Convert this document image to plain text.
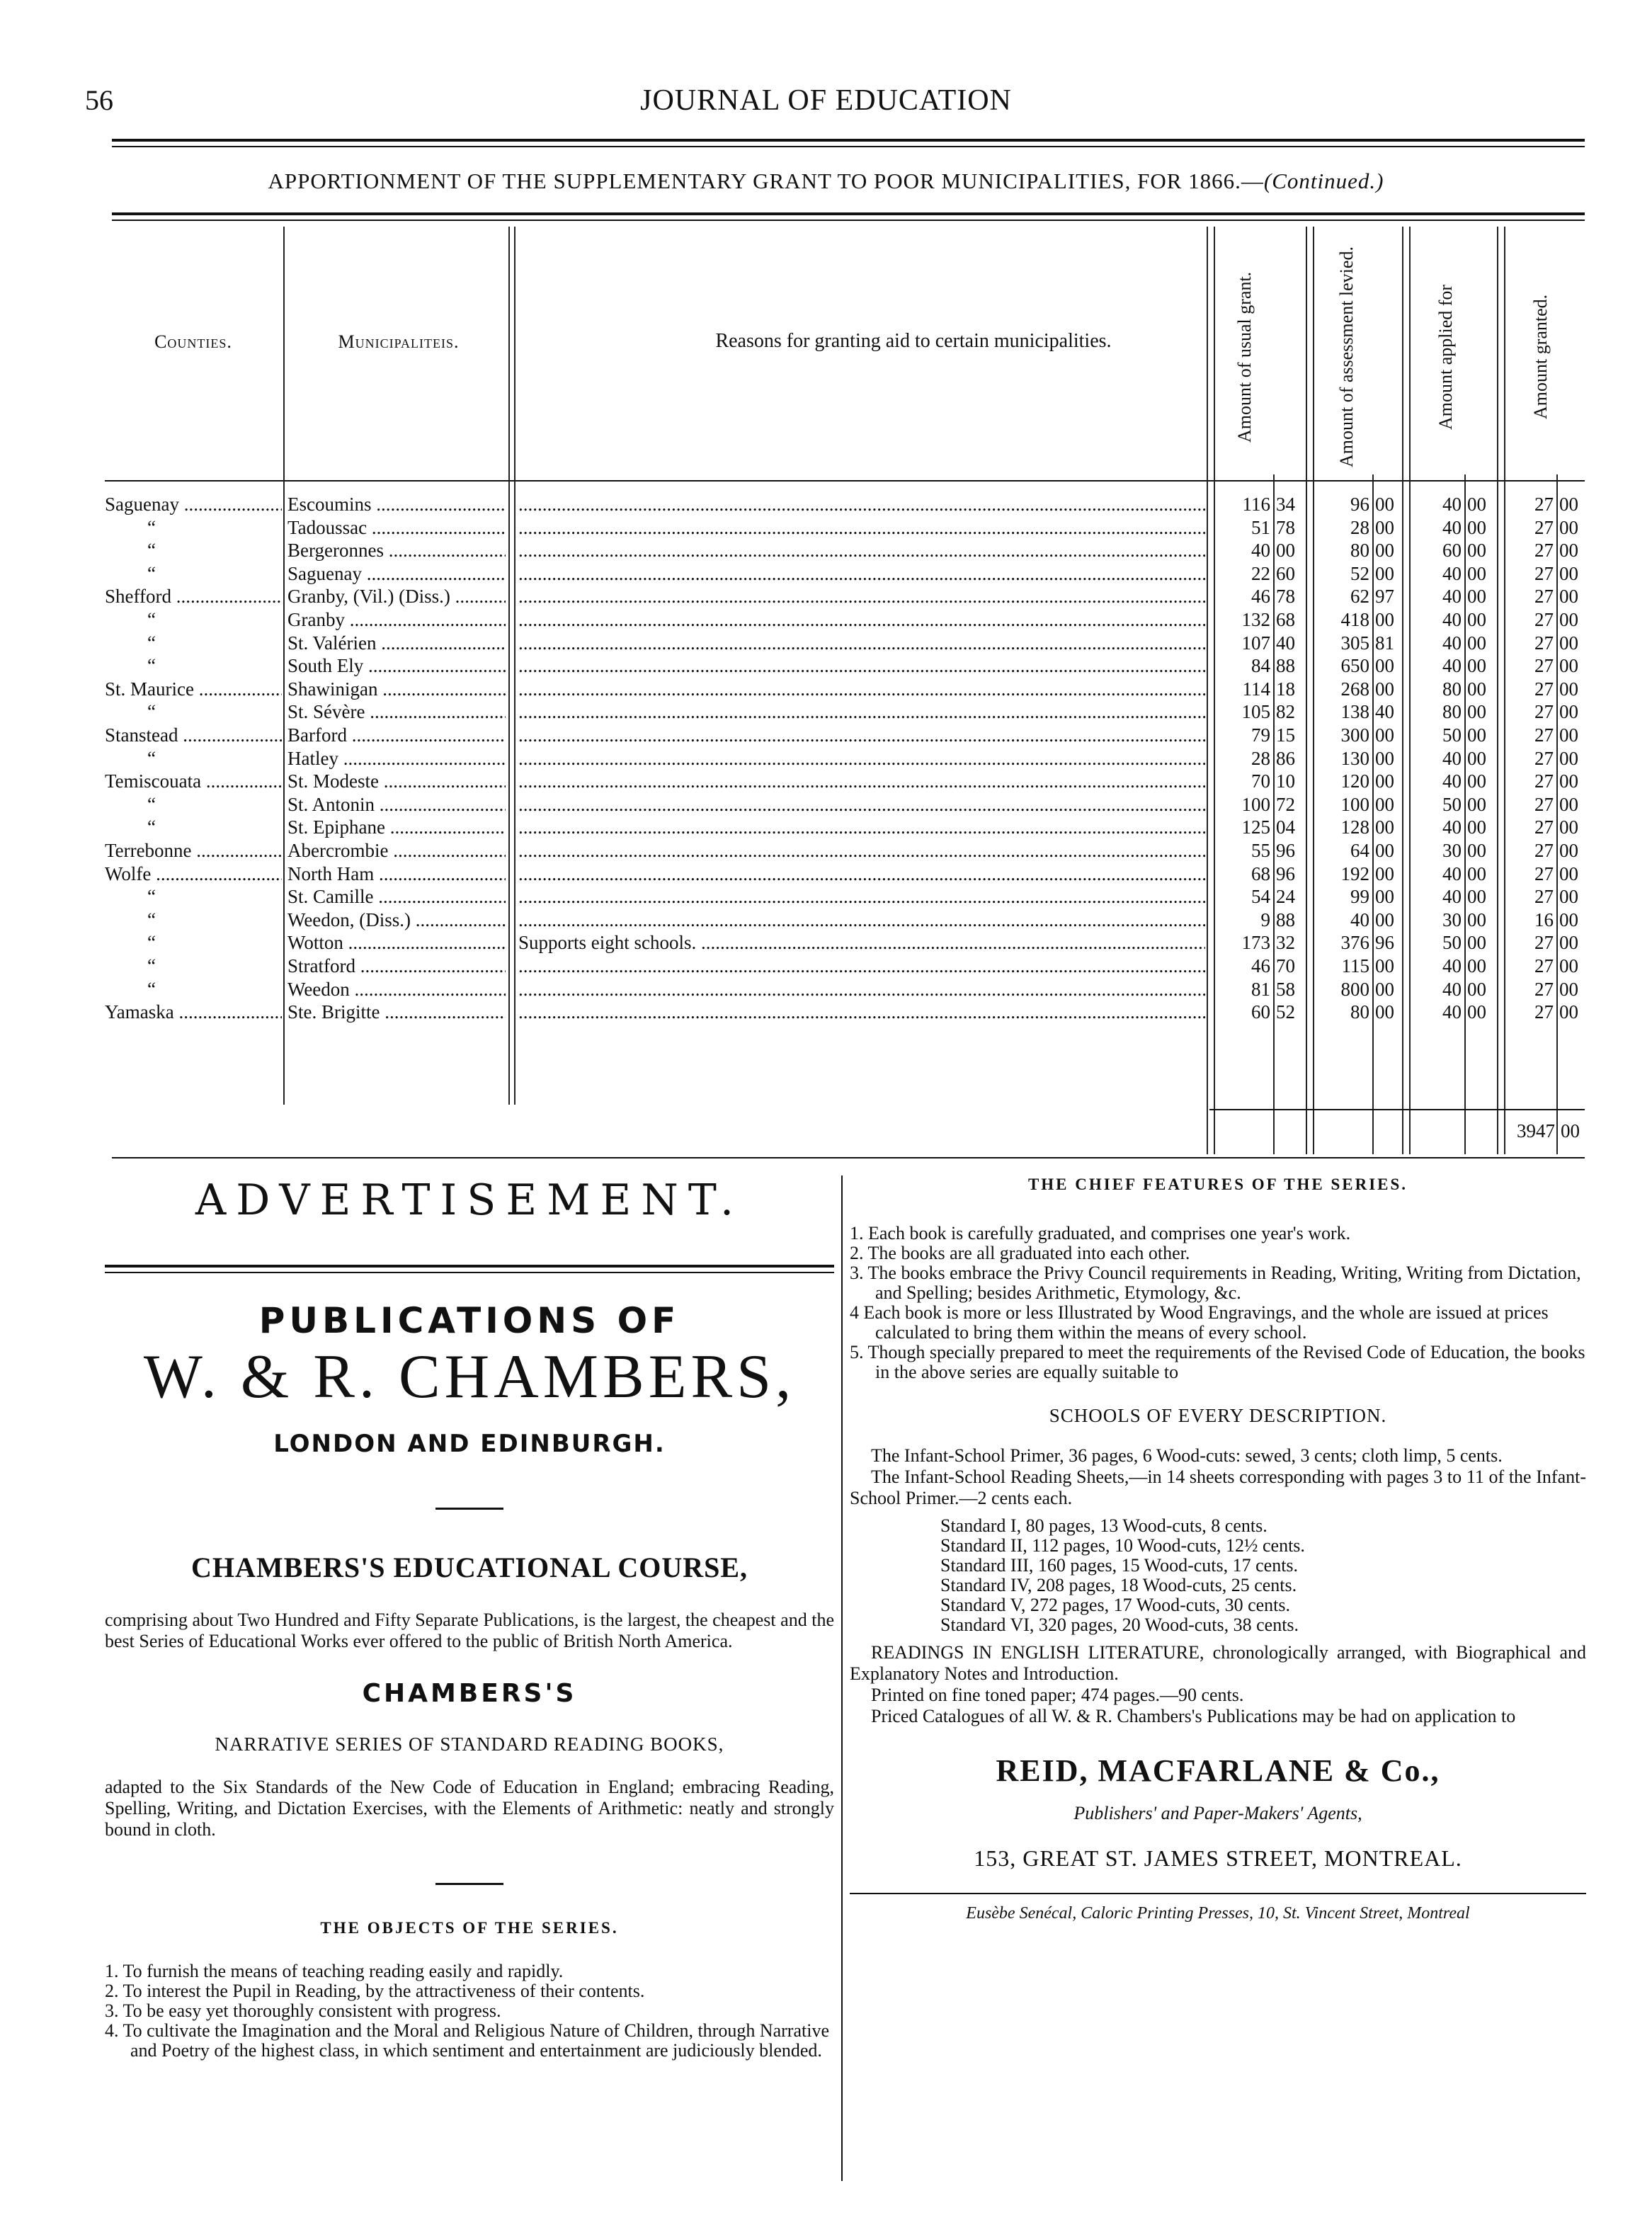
56	JOURNAL OF EDUCATION
APPORTIONMENT OF THE SUPPLEMENTARY GRANT TO POOR MUNICIPALITIES, FOR 1866.—(Continued.)
Counties.	Municipaliteis.	Reasons for granting aid to certain municipalities.	Amount of usual grant.	Amount of assessment levied.	Amount applied for	Amount granted.
Saguenay .....	Escoumins ..... .....	116 34	96 00	40 00	27 00
“	Tadoussac ..... .....	51 78	28 00	40 00	27 00
“	Bergeronnes ..... .....	40 00	80 00	60 00	27 00
“	Saguenay ..... .....	22 60	52 00	40 00	27 00
Shefford .....	Granby, (Vil.) (Diss.) ..... .....	46 78	62 97	40 00	27 00
“	Granby ..... .....	132 68	418 00	40 00	27 00
“	St. Valérien ..... .....	107 40	305 81	40 00	27 00
“	South Ely ..... .....	84 88	650 00	40 00	27 00
St. Maurice .....	Shawinigan ..... .....	114 18	268 00	80 00	27 00
“	St. Sévère ..... .....	105 82	138 40	80 00	27 00
Stanstead .....	Barford ..... .....	79 15	300 00	50 00	27 00
“	Hatley ..... .....	28 86	130 00	40 00	27 00
Temiscouata .....	St. Modeste ..... .....	70 10	120 00	40 00	27 00
“	St. Antonin ..... .....	100 72	100 00	50 00	27 00
“	St. Epiphane ..... .....	125 04	128 00	40 00	27 00
Terrebonne .....	Abercrombie ..... .....	55 96	64 00	30 00	27 00
Wolfe .....	North Ham ..... .....	68 96	192 00	40 00	27 00
“	St. Camille ..... .....	54 24	99 00	40 00	27 00
“	Weedon, (Diss.) ..... .....	9 88	40 00	30 00	16 00
“	Wotton .....	Supports eight schools. .....	173 32	376 96	50 00	27 00
“	Stratford ..... .....	46 70	115 00	40 00	27 00
“	Weedon ..... .....	81 58	800 00	40 00	27 00
Yamaska .....	Ste. Brigitte ..... .....	60 52	80 00	40 00	27 00
3947 00
ADVERTISEMENT.
PUBLICATIONS OF
W. & R. CHAMBERS,
LONDON AND EDINBURGH.
CHAMBERS'S EDUCATIONAL COURSE,
comprising about Two Hundred and Fifty Separate Publications, is the largest, the cheapest and the best Series of Educational Works ever offered to the public of British North America.
CHAMBERS'S
NARRATIVE SERIES OF STANDARD READING BOOKS,
adapted to the Six Standards of the New Code of Education in England; embracing Reading, Spelling, Writing, and Dictation Exercises, with the Elements of Arithmetic: neatly and strongly bound in cloth.
THE OBJECTS OF THE SERIES.
1. To furnish the means of teaching reading easily and rapidly.
2. To interest the Pupil in Reading, by the attractiveness of their contents.
3. To be easy yet thoroughly consistent with progress.
4. To cultivate the Imagination and the Moral and Religious Nature of Children, through Narrative and Poetry of the highest class, in which sentiment and entertainment are judiciously blended.
THE CHIEF FEATURES OF THE SERIES.
1. Each book is carefully graduated, and comprises one year's work.
2. The books are all graduated into each other.
3. The books embrace the Privy Council requirements in Reading, Writing, Writing from Dictation, and Spelling; besides Arithmetic, Etymology, &c.
4 Each book is more or less Illustrated by Wood Engravings, and the whole are issued at prices calculated to bring them within the means of every school.
5. Though specially prepared to meet the requirements of the Revised Code of Education, the books in the above series are equally suitable to
SCHOOLS OF EVERY DESCRIPTION.
The Infant-School Primer, 36 pages, 6 Wood-cuts: sewed, 3 cents; cloth limp, 5 cents.
The Infant-School Reading Sheets,—in 14 sheets corresponding with pages 3 to 11 of the Infant-School Primer.—2 cents each.
Standard I, 80 pages, 13 Wood-cuts, 8 cents.
Standard II, 112 pages, 10 Wood-cuts, 12½ cents.
Standard III, 160 pages, 15 Wood-cuts, 17 cents.
Standard IV, 208 pages, 18 Wood-cuts, 25 cents.
Standard V, 272 pages, 17 Wood-cuts, 30 cents.
Standard VI, 320 pages, 20 Wood-cuts, 38 cents.
READINGS IN ENGLISH LITERATURE, chronologically arranged, with Biographical and Explanatory Notes and Introduction.
Printed on fine toned paper; 474 pages.—90 cents.
Priced Catalogues of all W. & R. Chambers's Publications may be had on application to
REID, MACFARLANE & Co.,
Publishers' and Paper-Makers' Agents,
153, GREAT ST. JAMES STREET, MONTREAL.
Eusèbe Senécal, Caloric Printing Presses, 10, St. Vincent Street, Montreal
